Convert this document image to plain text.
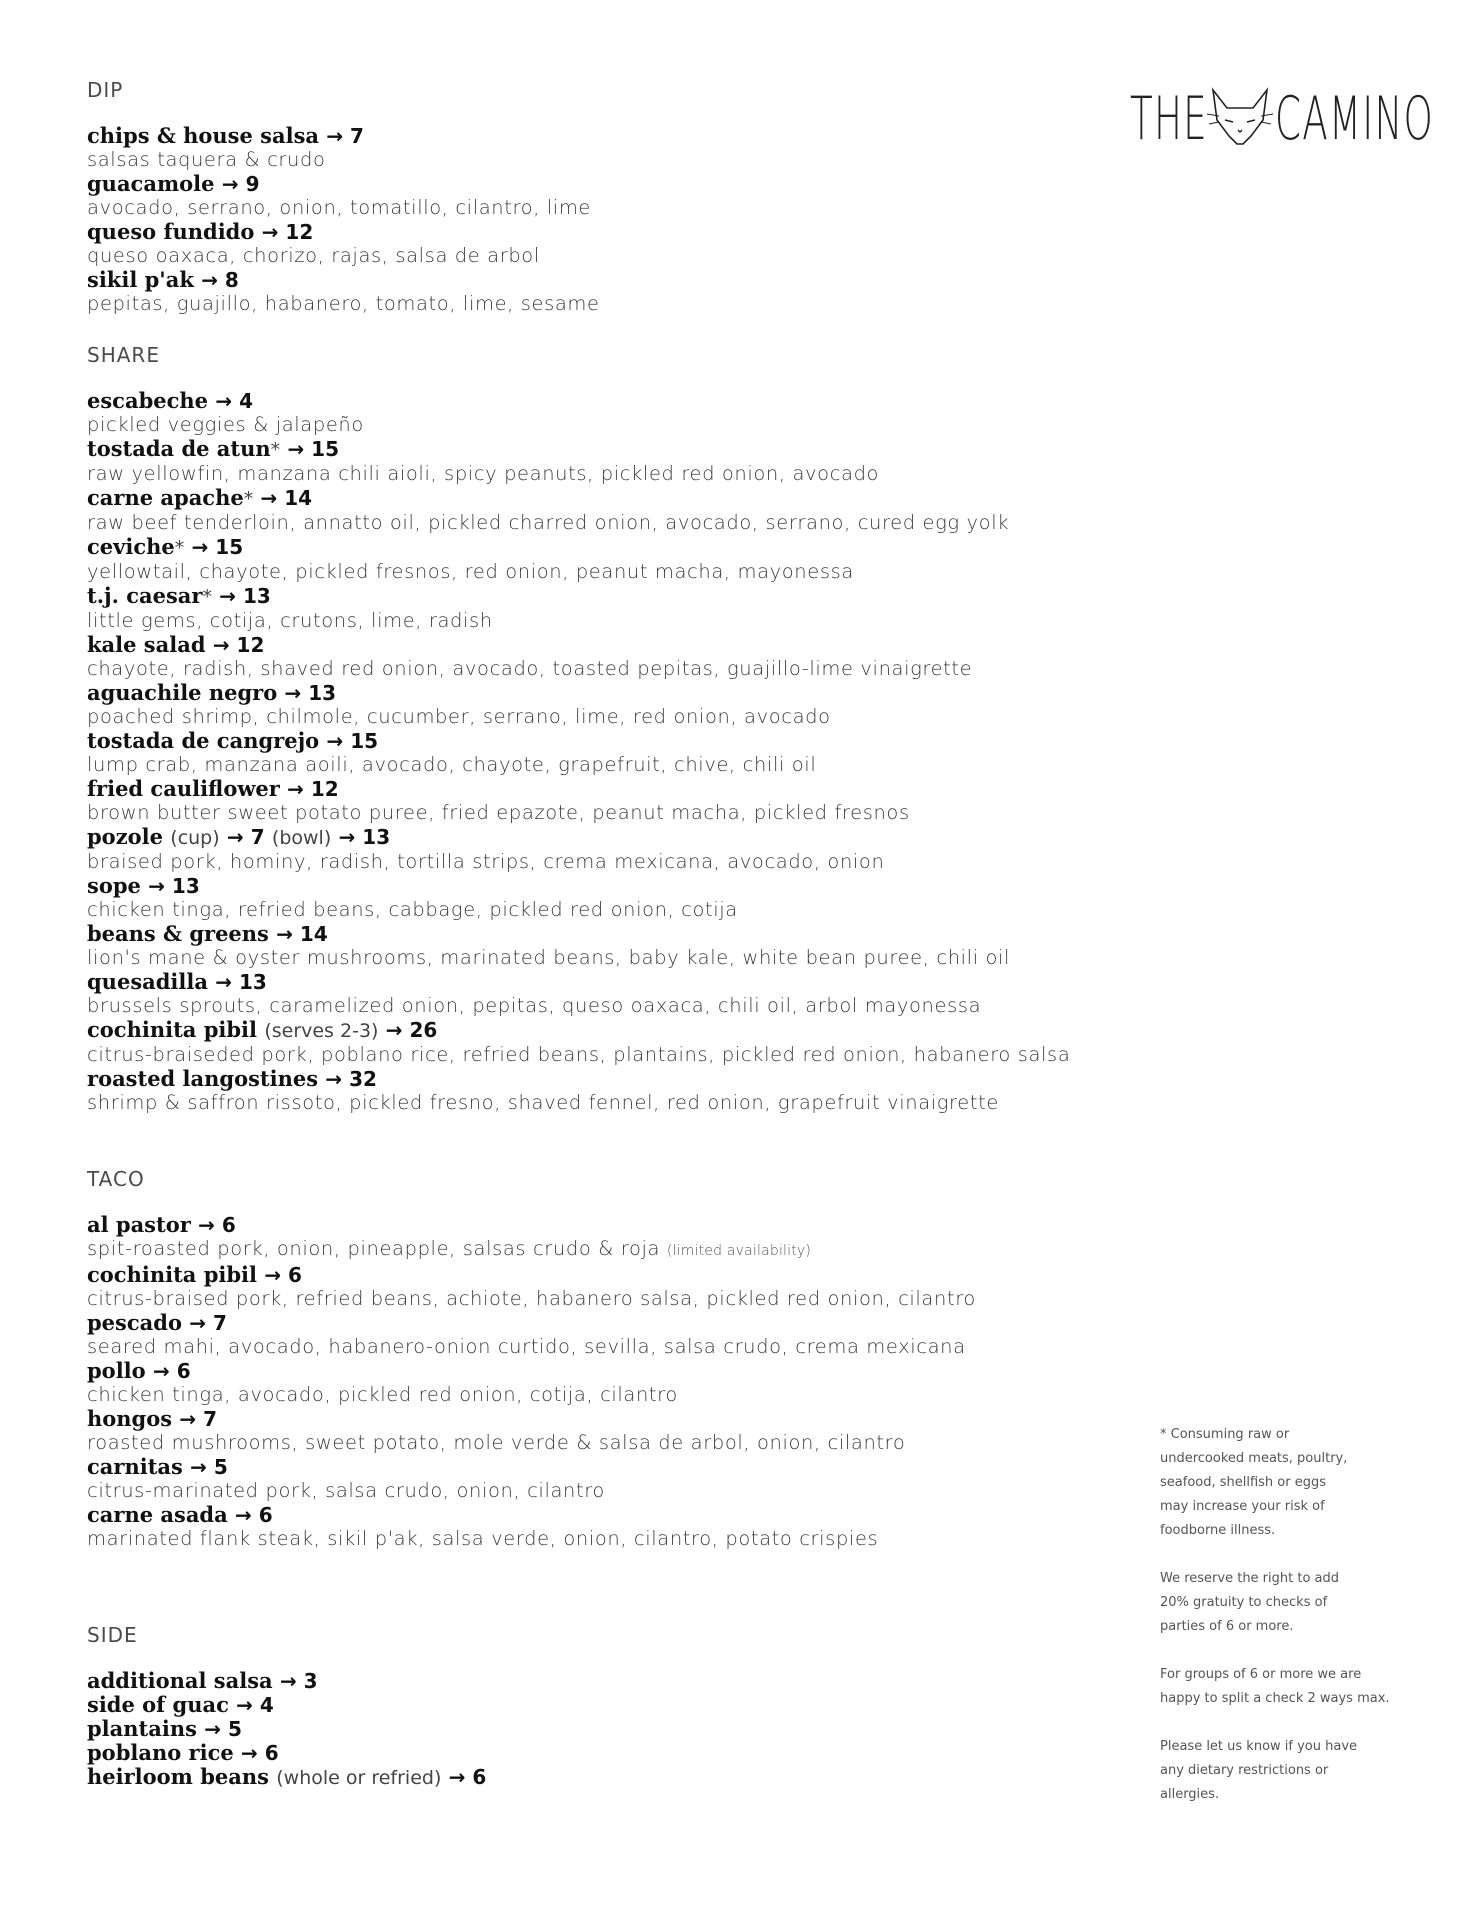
THE CAMINO
DIP
chips & house salsa → 7
salsas taquera & crudo
guacamole → 9
avocado, serrano, onion, tomatillo, cilantro, lime
queso fundido → 12
queso oaxaca, chorizo, rajas, salsa de arbol
sikil p'ak → 8
pepitas, guajillo, habanero, tomato, lime, sesame
SHARE
escabeche → 4
pickled veggies & jalapeño
tostada de atun* → 15
raw yellowfin, manzana chili aioli, spicy peanuts, pickled red onion, avocado
carne apache* → 14
raw beef tenderloin, annatto oil, pickled charred onion, avocado, serrano, cured egg yolk
ceviche* → 15
yellowtail, chayote, pickled fresnos, red onion, peanut macha, mayonessa
t.j. caesar* → 13
little gems, cotija, crutons, lime, radish
kale salad → 12
chayote, radish, shaved red onion, avocado, toasted pepitas, guajillo-lime vinaigrette
aguachile negro → 13
poached shrimp, chilmole, cucumber, serrano, lime, red onion, avocado
tostada de cangrejo → 15
lump crab, manzana aoili, avocado, chayote, grapefruit, chive, chili oil
fried cauliflower → 12
brown butter sweet potato puree, fried epazote, peanut macha, pickled fresnos
pozole (cup) → 7 (bowl) → 13
braised pork, hominy, radish, tortilla strips, crema mexicana, avocado, onion
sope → 13
chicken tinga, refried beans, cabbage, pickled red onion, cotija
beans & greens → 14
lion's mane & oyster mushrooms, marinated beans, baby kale, white bean puree, chili oil
quesadilla → 13
brussels sprouts, caramelized onion, pepitas, queso oaxaca, chili oil, arbol mayonessa
cochinita pibil (serves 2-3) → 26
citrus-braiseded pork, poblano rice, refried beans, plantains, pickled red onion, habanero salsa
roasted langostines → 32
shrimp & saffron rissoto, pickled fresno, shaved fennel, red onion, grapefruit vinaigrette
TACO
al pastor → 6
spit-roasted pork, onion, pineapple, salsas crudo & roja (limited availability)
cochinita pibil → 6
citrus-braised pork, refried beans, achiote, habanero salsa, pickled red onion, cilantro
pescado → 7
seared mahi, avocado, habanero-onion curtido, sevilla, salsa crudo, crema mexicana
pollo → 6
chicken tinga, avocado, pickled red onion, cotija, cilantro
hongos → 7
roasted mushrooms, sweet potato, mole verde & salsa de arbol, onion, cilantro
carnitas → 5
citrus-marinated pork, salsa crudo, onion, cilantro
carne asada → 6
marinated flank steak, sikil p'ak, salsa verde, onion, cilantro, potato crispies
SIDE
additional salsa → 3
side of guac → 4
plantains → 5
poblano rice → 6
heirloom beans (whole or refried) → 6

* Consuming raw or
undercooked meats, poultry,
seafood, shellfish or eggs
may increase your risk of
foodborne illness.

We reserve the right to add
20% gratuity to checks of
parties of 6 or more.

For groups of 6 or more we are
happy to split a check 2 ways max.

Please let us know if you have
any dietary restrictions or
allergies.
